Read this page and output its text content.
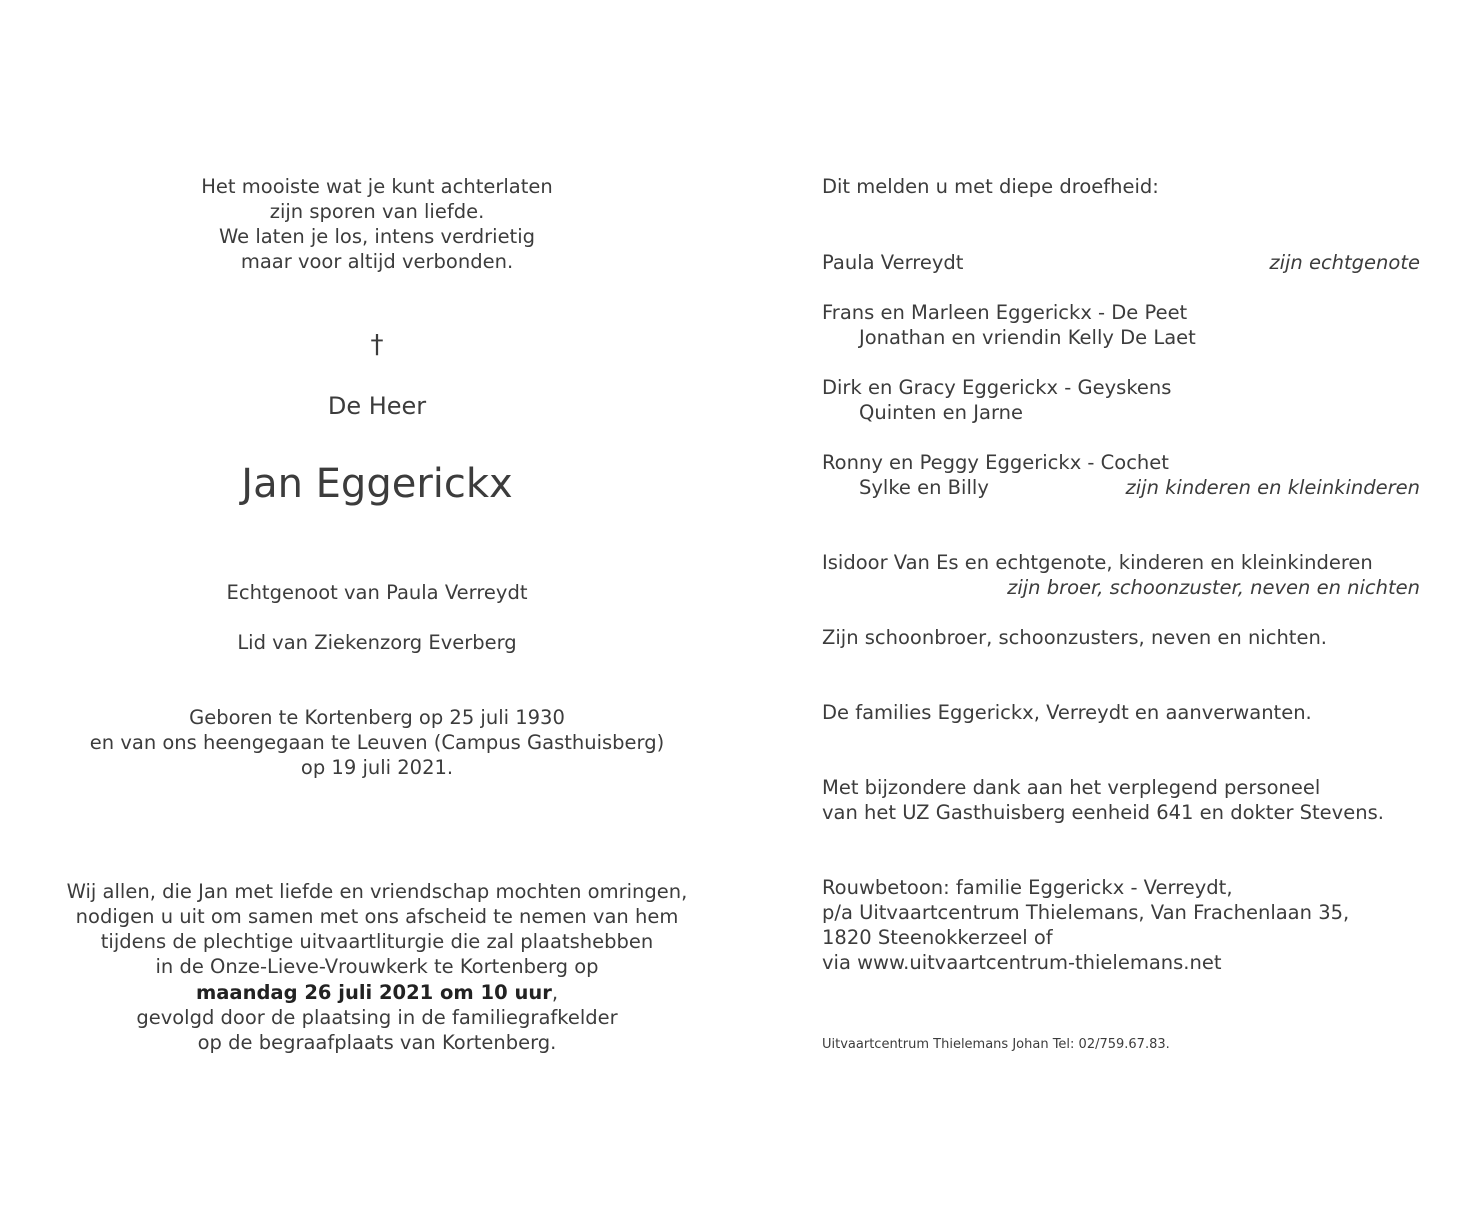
Het mooiste wat je kunt achterlaten
zijn sporen van liefde.
We laten je los, intens verdrietig
maar voor altijd verbonden.
†
De Heer
Jan Eggerickx
Echtgenoot van Paula Verreydt
Lid van Ziekenzorg Everberg
Geboren te Kortenberg op 25 juli 1930
en van ons heengegaan te Leuven (Campus Gasthuisberg)
op 19 juli 2021.
Wij allen, die Jan met liefde en vriendschap mochten omringen,
nodigen u uit om samen met ons afscheid te nemen van hem
tijdens de plechtige uitvaartliturgie die zal plaatshebben
in de Onze-Lieve-Vrouwkerk te Kortenberg op
maandag 26 juli 2021 om 10 uur,
gevolgd door de plaatsing in de familiegrafkelder
op de begraafplaats van Kortenberg.
Dit melden u met diepe droefheid:
Paula Verreydt	zijn echtgenote
Frans en Marleen Eggerickx - De Peet
Jonathan en vriendin Kelly De Laet
Dirk en Gracy Eggerickx - Geyskens
Quinten en Jarne
Ronny en Peggy Eggerickx - Cochet
Sylke en Billy	zijn kinderen en kleinkinderen
Isidoor Van Es en echtgenote, kinderen en kleinkinderen
zijn broer, schoonzuster, neven en nichten
Zijn schoonbroer, schoonzusters, neven en nichten.
De families Eggerickx, Verreydt en aanverwanten.
Met bijzondere dank aan het verplegend personeel
van het UZ Gasthuisberg eenheid 641 en dokter Stevens.
Rouwbetoon: familie Eggerickx - Verreydt,
p/a Uitvaartcentrum Thielemans, Van Frachenlaan 35,
1820 Steenokkerzeel of
via www.uitvaartcentrum-thielemans.net
Uitvaartcentrum Thielemans Johan Tel: 02/759.67.83.
